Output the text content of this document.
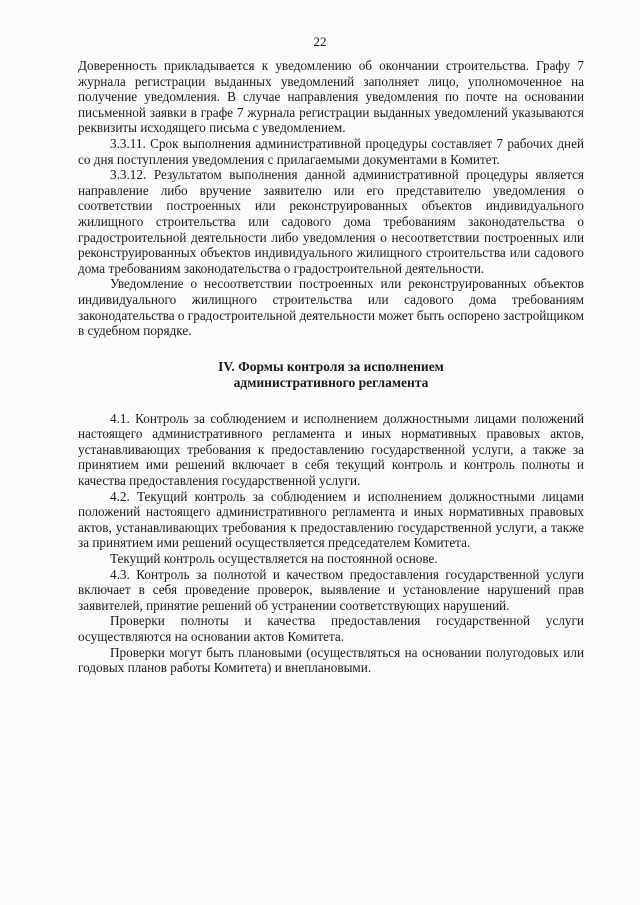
22

Доверенность прикладывается к уведомлению об окончании строительства. Графу 7 журнала регистрации выданных уведомлений заполняет лицо, уполномоченное на получение уведомления. В случае направления уведомления по почте на основании письменной заявки в графе 7 журнала регистрации выданных уведомлений указываются реквизиты исходящего письма с уведомлением.

3.3.11. Срок выполнения административной процедуры составляет 7 рабочих дней со дня поступления уведомления с прилагаемыми документами в Комитет.

3.3.12. Результатом выполнения данной административной процедуры является направление либо вручение заявителю или его представителю уведомления о соответствии построенных или реконструированных объектов индивидуального жилищного строительства или садового дома требованиям законодательства о градостроительной деятельности либо уведомления о несоответствии построенных или реконструированных объектов индивидуального жилищного строительства или садового дома требованиям законодательства о градостроительной деятельности.

Уведомление о несоответствии построенных или реконструированных объектов индивидуального жилищного строительства или садового дома требованиям законодательства о градостроительной деятельности может быть оспорено застройщиком в судебном порядке.

IV. Формы контроля за исполнением
административного регламента

4.1. Контроль за соблюдением и исполнением должностными лицами положений настоящего административного регламента и иных нормативных правовых актов, устанавливающих требования к предоставлению государственной услуги, а также за принятием ими решений включает в себя текущий контроль и контроль полноты и качества предоставления государственной услуги.

4.2. Текущий контроль за соблюдением и исполнением должностными лицами положений настоящего административного регламента и иных нормативных правовых актов, устанавливающих требования к предоставлению государственной услуги, а также за принятием ими решений осуществляется председателем Комитета.

Текущий контроль осуществляется на постоянной основе.

4.3. Контроль за полнотой и качеством предоставления государственной услуги включает в себя проведение проверок, выявление и установление нарушений прав заявителей, принятие решений об устранении соответствующих нарушений.

Проверки полноты и качества предоставления государственной услуги осуществляются на основании актов Комитета.

Проверки могут быть плановыми (осуществляться на основании полугодовых или годовых планов работы Комитета) и внеплановыми.
